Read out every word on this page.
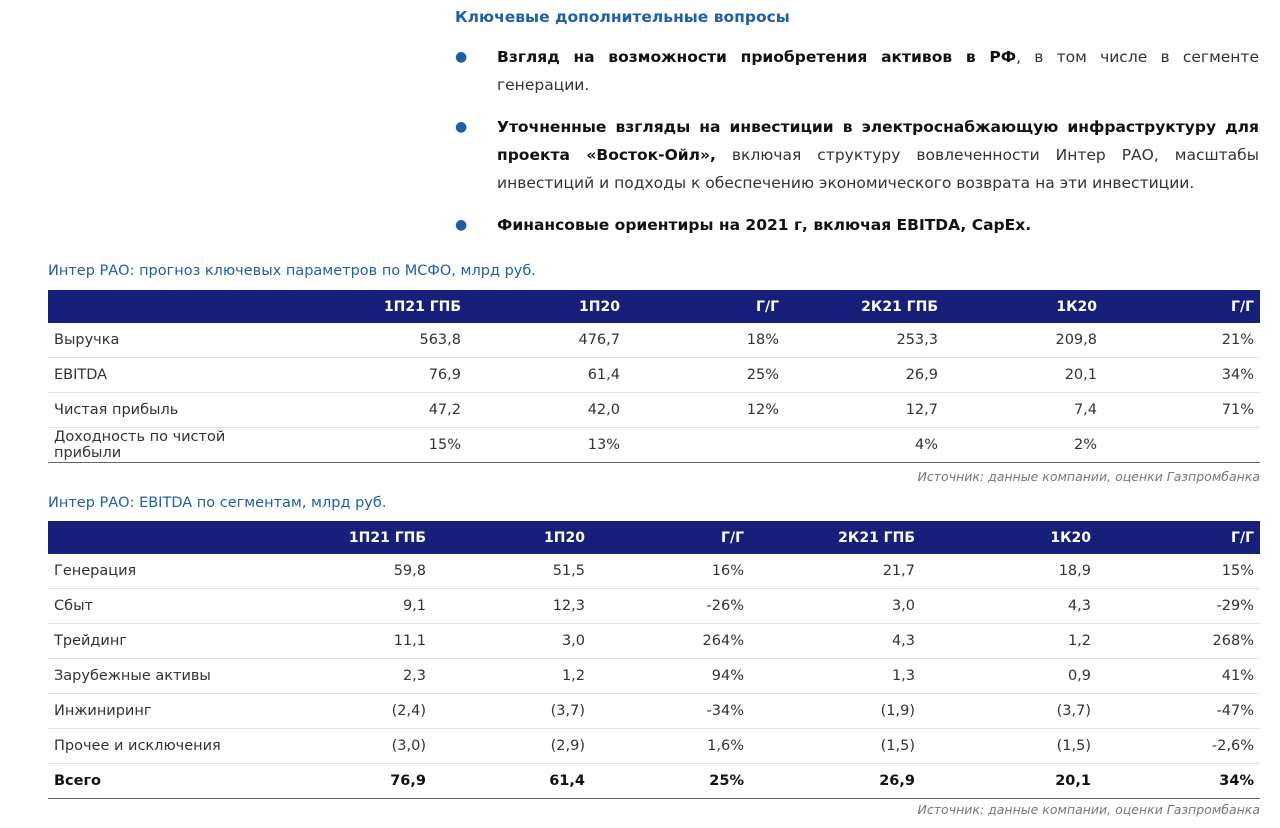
Ключевые дополнительные вопросы
● Взгляд на возможности приобретения активов в РФ, в том числе в сегменте генерации.
● Уточненные взгляды на инвестиции в электроснабжающую инфраструктуру для проекта «Восток-Ойл», включая структуру вовлеченности Интер РАО, масштабы инвестиций и подходы к обеспечению экономического возврата на эти инвестиции.
● Финансовые ориентиры на 2021 г, включая EBITDA, CapEx.
Интер РАО: прогноз ключевых параметров по МСФО, млрд руб.
	1П21 ГПБ	1П20	Г/Г	2К21 ГПБ	1К20	Г/Г
Выручка	563,8	476,7	18%	253,3	209,8	21%
EBITDA	76,9	61,4	25%	26,9	20,1	34%
Чистая прибыль	47,2	42,0	12%	12,7	7,4	71%
Доходность по чистой прибыли	15%	13%		4%	2%	
Источник: данные компании, оценки Газпромбанка
Интер РАО: EBITDA по сегментам, млрд руб.
	1П21 ГПБ	1П20	Г/Г	2К21 ГПБ	1К20	Г/Г
Генерация	59,8	51,5	16%	21,7	18,9	15%
Сбыт	9,1	12,3	-26%	3,0	4,3	-29%
Трейдинг	11,1	3,0	264%	4,3	1,2	268%
Зарубежные активы	2,3	1,2	94%	1,3	0,9	41%
Инжиниринг	(2,4)	(3,7)	-34%	(1,9)	(3,7)	-47%
Прочее и исключения	(3,0)	(2,9)	1,6%	(1,5)	(1,5)	-2,6%
Всего	76,9	61,4	25%	26,9	20,1	34%
Источник: данные компании, оценки Газпромбанка
